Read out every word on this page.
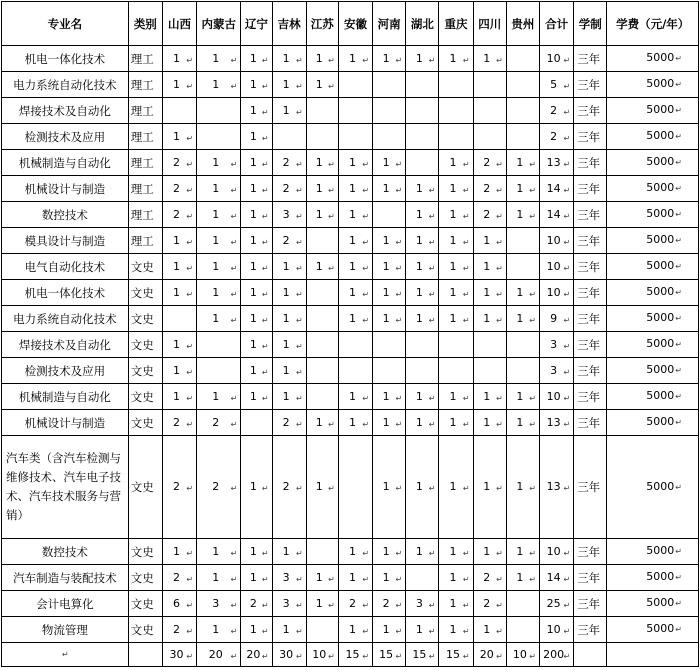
专业名	类别	山西	内蒙古	辽宁	吉林	江苏	安徽	河南	湖北	重庆	四川	贵州	合计	学制	学费（元/年）
机电一体化技术	理工	1 ↵	1 ↵	1 ↵	1 ↵	1 ↵	1 ↵	1 ↵	1 ↵	1 ↵	1 ↵		10 ↵	三年	5000↵
电力系统自动化技术	理工	1 ↵	1 ↵	1 ↵	1 ↵	1 ↵							5 ↵	三年	5000↵
焊接技术及自动化	理工			1 ↵	1 ↵								2 ↵	三年	5000↵
检测技术及应用	理工	1 ↵		1 ↵									2 ↵	三年	5000↵
机械制造与自动化	理工	2 ↵	1 ↵	1 ↵	2 ↵	1 ↵	1 ↵	1 ↵		1 ↵	2 ↵	1 ↵	13 ↵	三年	5000↵
机械设计与制造	理工	2 ↵	1 ↵	1 ↵	2 ↵	1 ↵	1 ↵	1 ↵	1 ↵	1 ↵	2 ↵	1 ↵	14 ↵	三年	5000↵
数控技术	理工	2 ↵	1 ↵	1 ↵	3 ↵	1 ↵	1 ↵		1 ↵	1 ↵	2 ↵	1 ↵	14 ↵	三年	5000↵
模具设计与制造	理工	1 ↵	1 ↵	1 ↵	2 ↵		1 ↵	1 ↵	1 ↵	1 ↵	1 ↵		10 ↵	三年	5000↵
电气自动化技术	文史	1 ↵	1 ↵	1 ↵	1 ↵	1 ↵	1 ↵	1 ↵	1 ↵	1 ↵	1 ↵		10 ↵	三年	5000↵
机电一体化技术	文史	1 ↵	1 ↵	1 ↵	1 ↵		1 ↵	1 ↵	1 ↵	1 ↵	1 ↵	1 ↵	10 ↵	三年	5000↵
电力系统自动化技术	文史		1 ↵	1 ↵	1 ↵		1 ↵	1 ↵	1 ↵	1 ↵	1 ↵	1 ↵	9 ↵	三年	5000↵
焊接技术及自动化	文史	1 ↵		1 ↵	1 ↵								3 ↵	三年	5000↵
检测技术及应用	文史	1 ↵		1 ↵	1 ↵								3 ↵	三年	5000↵
机械制造与自动化	文史	1 ↵	1 ↵	1 ↵	1 ↵		1 ↵	1 ↵	1 ↵	1 ↵	1 ↵	1 ↵	10 ↵	三年	5000↵
机械设计与制造	文史	2 ↵	2 ↵		2 ↵	1 ↵	1 ↵	1 ↵	1 ↵	1 ↵	1 ↵	1 ↵	13 ↵	三年	5000↵
汽车类（含汽车检测与维修技术、汽车电子技术、汽车技术服务与营销）	文史	2 ↵	2 ↵	1 ↵	2 ↵	1 ↵		1 ↵	1 ↵	1 ↵	1 ↵	1 ↵	13 ↵	三年	5000↵
数控技术	文史	1 ↵	1 ↵	1 ↵	1 ↵		1 ↵	1 ↵	1 ↵	1 ↵	1 ↵	1 ↵	10 ↵	三年	5000↵
汽车制造与装配技术	文史	2 ↵	1 ↵	1 ↵	3 ↵	1 ↵	1 ↵	1 ↵		1 ↵	2 ↵	1 ↵	14 ↵	三年	5000↵
会计电算化	文史	6 ↵	3 ↵	2 ↵	3 ↵	1 ↵	2 ↵	2 ↵	3 ↵	1 ↵	2 ↵		25 ↵	三年	5000↵
物流管理	文史	2 ↵	1 ↵	1 ↵	1 ↵		1 ↵	1 ↵	1 ↵	1 ↵	1 ↵		10 ↵	三年	5000↵
↵		30 ↵	20 ↵	20 ↵	30 ↵	10 ↵	15 ↵	15 ↵	15 ↵	15 ↵	20 ↵	10 ↵	200 ↵		
